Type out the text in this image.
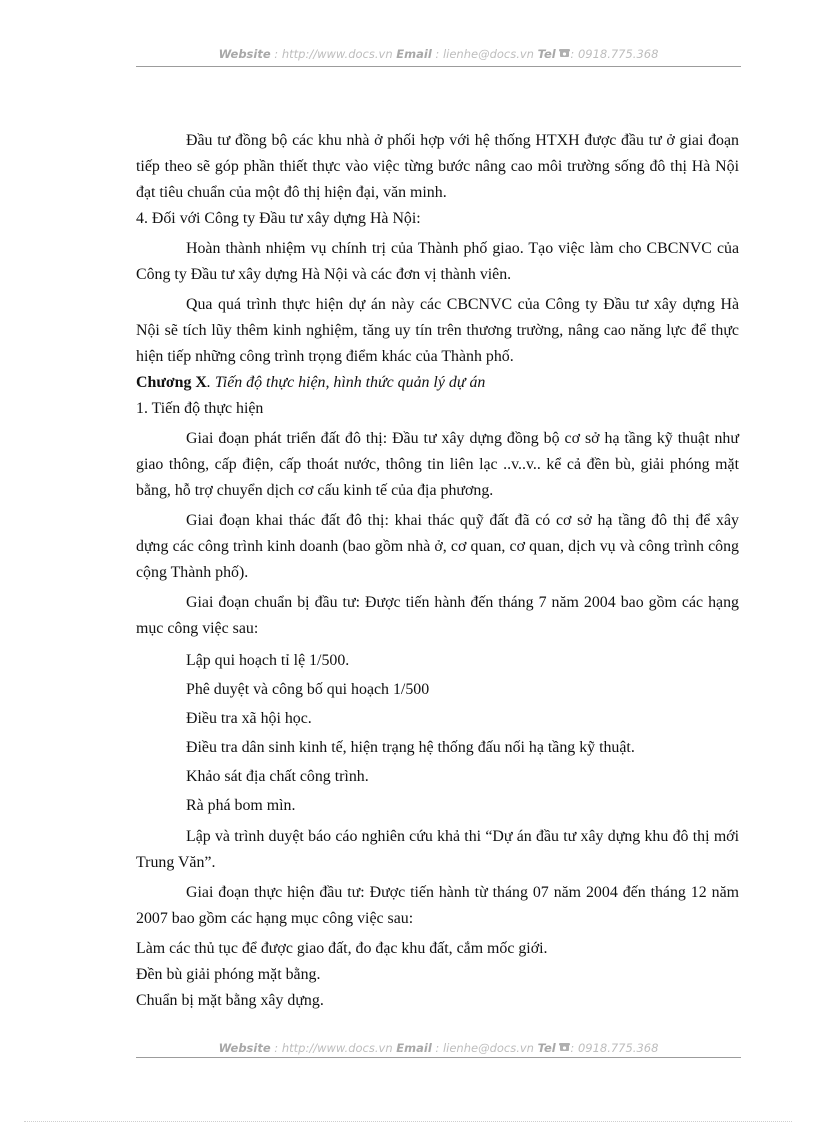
Website : http://www.docs.vn Email : lienhe@docs.vn Tel : 0918.775.368

Đầu tư đồng bộ các khu nhà ở phối hợp với hệ thống HTXH được đầu tư ở giai đoạn tiếp theo sẽ góp phần thiết thực vào việc từng bước nâng cao môi trường sống đô thị Hà Nội đạt tiêu chuẩn của một đô thị hiện đại, văn minh.

4. Đối với Công ty Đầu tư xây dựng Hà Nội:

Hoàn thành nhiệm vụ chính trị của Thành phố giao. Tạo việc làm cho CBCNVC của Công ty Đầu tư xây dựng Hà Nội và các đơn vị thành viên.

Qua quá trình thực hiện dự án này các CBCNVC của Công ty Đầu tư xây dựng Hà Nội sẽ tích lũy thêm kinh nghiệm, tăng uy tín trên thương trường, nâng cao năng lực để thực hiện tiếp những công trình trọng điểm khác của Thành phố.

Chương X. Tiến độ thực hiện, hình thức quản lý dự án

1. Tiến độ thực hiện

Giai đoạn phát triển đất đô thị: Đầu tư xây dựng đồng bộ cơ sở hạ tầng kỹ thuật như giao thông, cấp điện, cấp thoát nước, thông tin liên lạc ..v..v.. kể cả đền bù, giải phóng mặt bằng, hỗ trợ chuyển dịch cơ cấu kinh tế của địa phương.

Giai đoạn khai thác đất đô thị: khai thác quỹ đất đã có cơ sở hạ tầng đô thị để xây dựng các công trình kinh doanh (bao gồm nhà ở, cơ quan, cơ quan, dịch vụ và công trình công cộng Thành phố).

Giai đoạn chuẩn bị đầu tư: Được tiến hành đến tháng 7 năm 2004 bao gồm các hạng mục công việc sau:

Lập qui hoạch tỉ lệ 1/500.
Phê duyệt và công bố qui hoạch 1/500
Điều tra xã hội học.
Điều tra dân sinh kinh tế, hiện trạng hệ thống đấu nối hạ tầng kỹ thuật.
Khảo sát địa chất công trình.
Rà phá bom mìn.

Lập và trình duyệt báo cáo nghiên cứu khả thi “Dự án đầu tư xây dựng khu đô thị mới Trung Văn”.

Giai đoạn thực hiện đầu tư: Được tiến hành từ tháng 07 năm 2004 đến tháng 12 năm 2007 bao gồm các hạng mục công việc sau:

Làm các thủ tục để được giao đất, đo đạc khu đất, cắm mốc giới.

Đền bù giải phóng mặt bằng.

Chuẩn bị mặt bằng xây dựng.

Website : http://www.docs.vn Email : lienhe@docs.vn Tel : 0918.775.368
